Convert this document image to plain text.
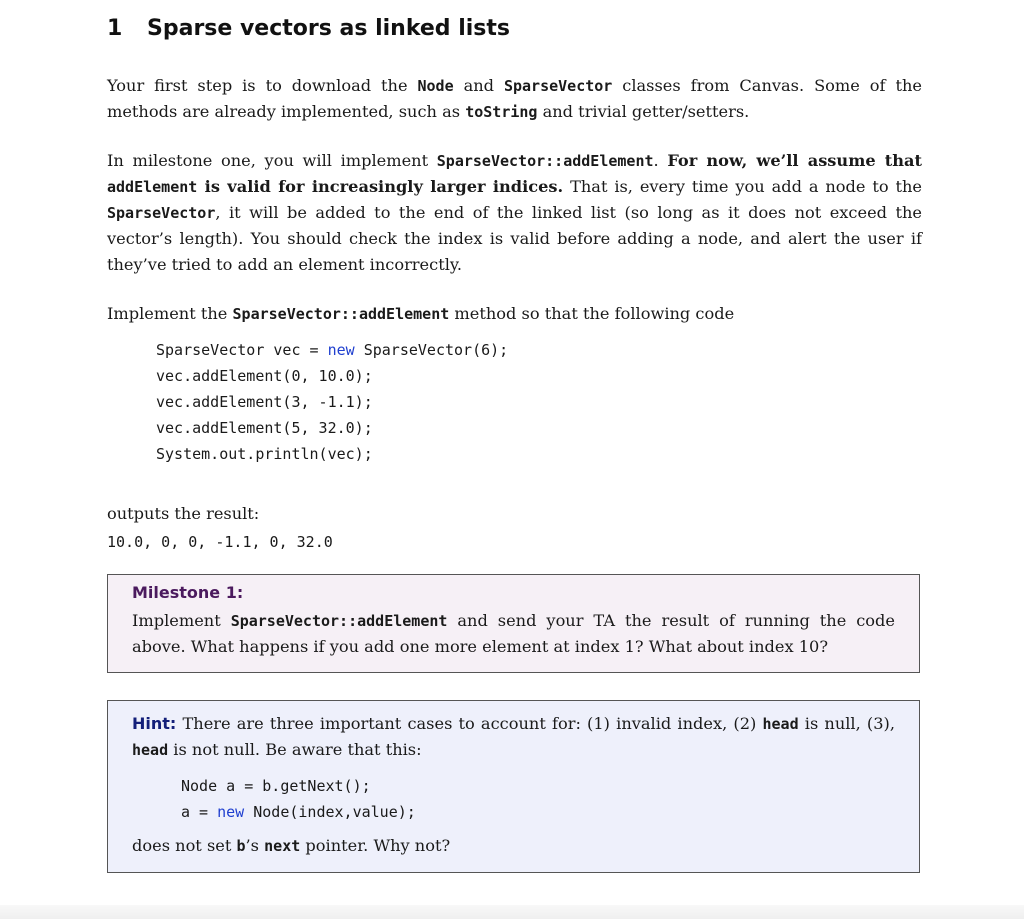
1 Sparse vectors as linked lists
Your first step is to download the Node and SparseVector classes from Canvas. Some of the methods are already implemented, such as toString and trivial getter/setters.
In milestone one, you will implement SparseVector::addElement. For now, we’ll assume that addElement is valid for increasingly larger indices. That is, every time you add a node to the SparseVector, it will be added to the end of the linked list (so long as it does not exceed the vector’s length). You should check the index is valid before adding a node, and alert the user if they’ve tried to add an element incorrectly.
Implement the SparseVector::addElement method so that the following code
SparseVector vec = new SparseVector(6);
vec.addElement(0, 10.0);
vec.addElement(3, -1.1);
vec.addElement(5, 32.0);
System.out.println(vec);
outputs the result:
10.0, 0, 0, -1.1, 0, 32.0
Milestone 1:
Implement SparseVector::addElement and send your TA the result of running the code above. What happens if you add one more element at index 1? What about index 10?
Hint: There are three important cases to account for: (1) invalid index, (2) head is null, (3), head is not null. Be aware that this:
Node a = b.getNext();
a = new Node(index,value);
does not set b’s next pointer. Why not?
